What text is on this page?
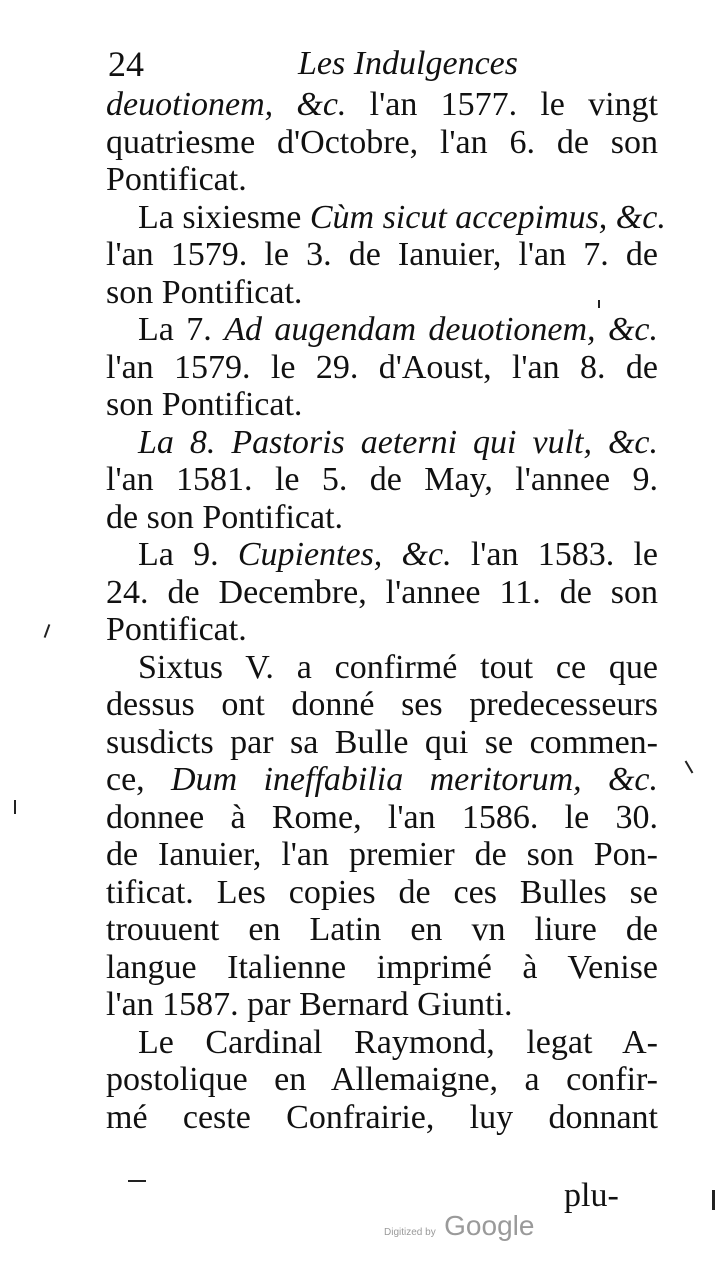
24	Les Indulgences
deuotionem, &c. l'an 1577. le vingt
quatriesme d'Octobre, l'an 6. de son
Pontificat.
La sixiesme Cùm sicut accepimus, &c.
l'an 1579. le 3. de Ianuier, l'an 7. de
son Pontificat.
La 7. Ad augendam deuotionem, &c.
l'an 1579. le 29. d'Aoust, l'an 8. de
son Pontificat.
La 8. Pastoris aeterni qui vult, &c.
l'an 1581. le 5. de May, l'annee 9.
de son Pontificat.
La 9. Cupientes, &c. l'an 1583. le
24. de Decembre, l'annee 11. de son
Pontificat.
Sixtus V. a confirmé tout ce que
dessus ont donné ses predecesseurs
susdicts par sa Bulle qui se commen-
ce, Dum ineffabilia meritorum, &c.
donnee à Rome, l'an 1586. le 30.
de Ianuier, l'an premier de son Pon-
tificat. Les copies de ces Bulles se
trouuent en Latin en vn liure de
langue Italienne imprimé à Venise
l'an 1587. par Bernard Giunti.
Le Cardinal Raymond, legat A-
postolique en Allemaigne, a confir-
mé ceste Confrairie, luy donnant
plu-
Digitized by Google
